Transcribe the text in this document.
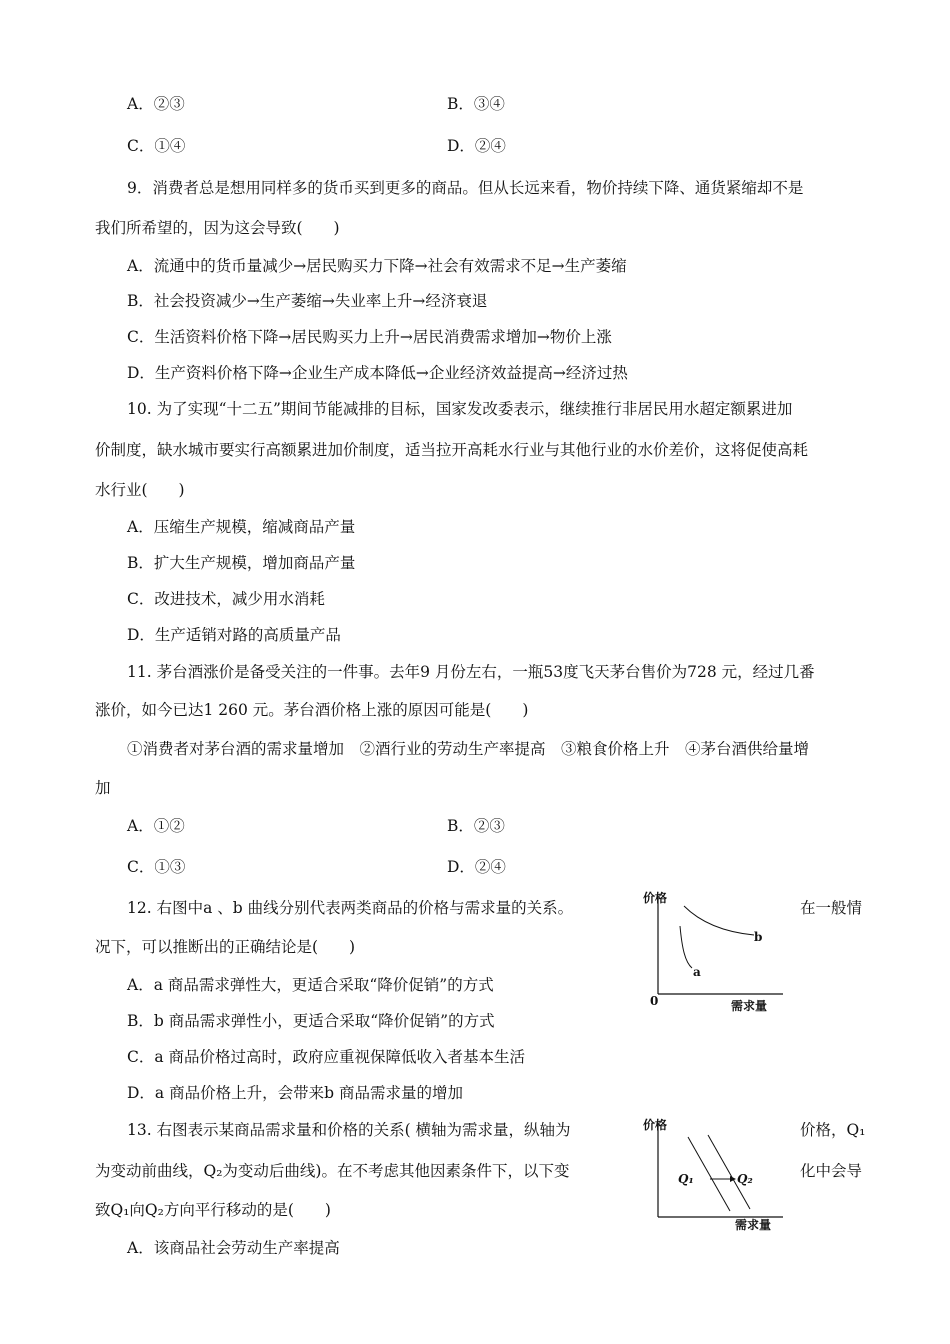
A．②③	B．③④
C．①④	D．②④
9．消费者总是想用同样多的货币买到更多的商品。但从长远来看，物价持续下降、通货紧缩却不是
我们所希望的，因为这会导致(　　)
A．流通中的货币量减少→居民购买力下降→社会有效需求不足→生产萎缩
B．社会投资减少→生产萎缩→失业率上升→经济衰退
C．生活资料价格下降→居民购买力上升→居民消费需求增加→物价上涨
D．生产资料价格下降→企业生产成本降低→企业经济效益提高→经济过热
10. 为了实现“十二五”期间节能减排的目标，国家发改委表示，继续推行非居民用水超定额累进加
价制度，缺水城市要实行高额累进加价制度，适当拉开高耗水行业与其他行业的水价差价，这将促使高耗
水行业(　　)
A．压缩生产规模，缩减商品产量
B．扩大生产规模，增加商品产量
C．改进技术，减少用水消耗
D．生产适销对路的高质量产品
11. 茅台酒涨价是备受关注的一件事。去年9 月份左右，一瓶53度飞天茅台售价为728 元，经过几番
涨价，如今已达1 260 元。茅台酒价格上涨的原因可能是(　　)
①消费者对茅台酒的需求量增加　②酒行业的劳动生产率提高　③粮食价格上升　④茅台酒供给量增
加
A．①②	B．②③
C．①③	D．②④
12. 右图中a 、b 曲线分别代表两类商品的价格与需求量的关系。	在一般情
况下，可以推断出的正确结论是(　　)
A．a 商品需求弹性大，更适合采取“降价促销”的方式
B．b 商品需求弹性小，更适合采取“降价促销”的方式
C．a 商品价格过高时，政府应重视保障低收入者基本生活
D．a 商品价格上升，会带来b 商品需求量的增加
价格
0	需求量
a
b
13. 右图表示某商品需求量和价格的关系( 横轴为需求量，纵轴为	价格，Q₁
为变动前曲线，Q₂为变动后曲线)。在不考虑其他因素条件下，以下变	化中会导
致Q₁向Q₂方向平行移动的是(　　)
A．该商品社会劳动生产率提高
价格
需求量
Q₁	Q₂
